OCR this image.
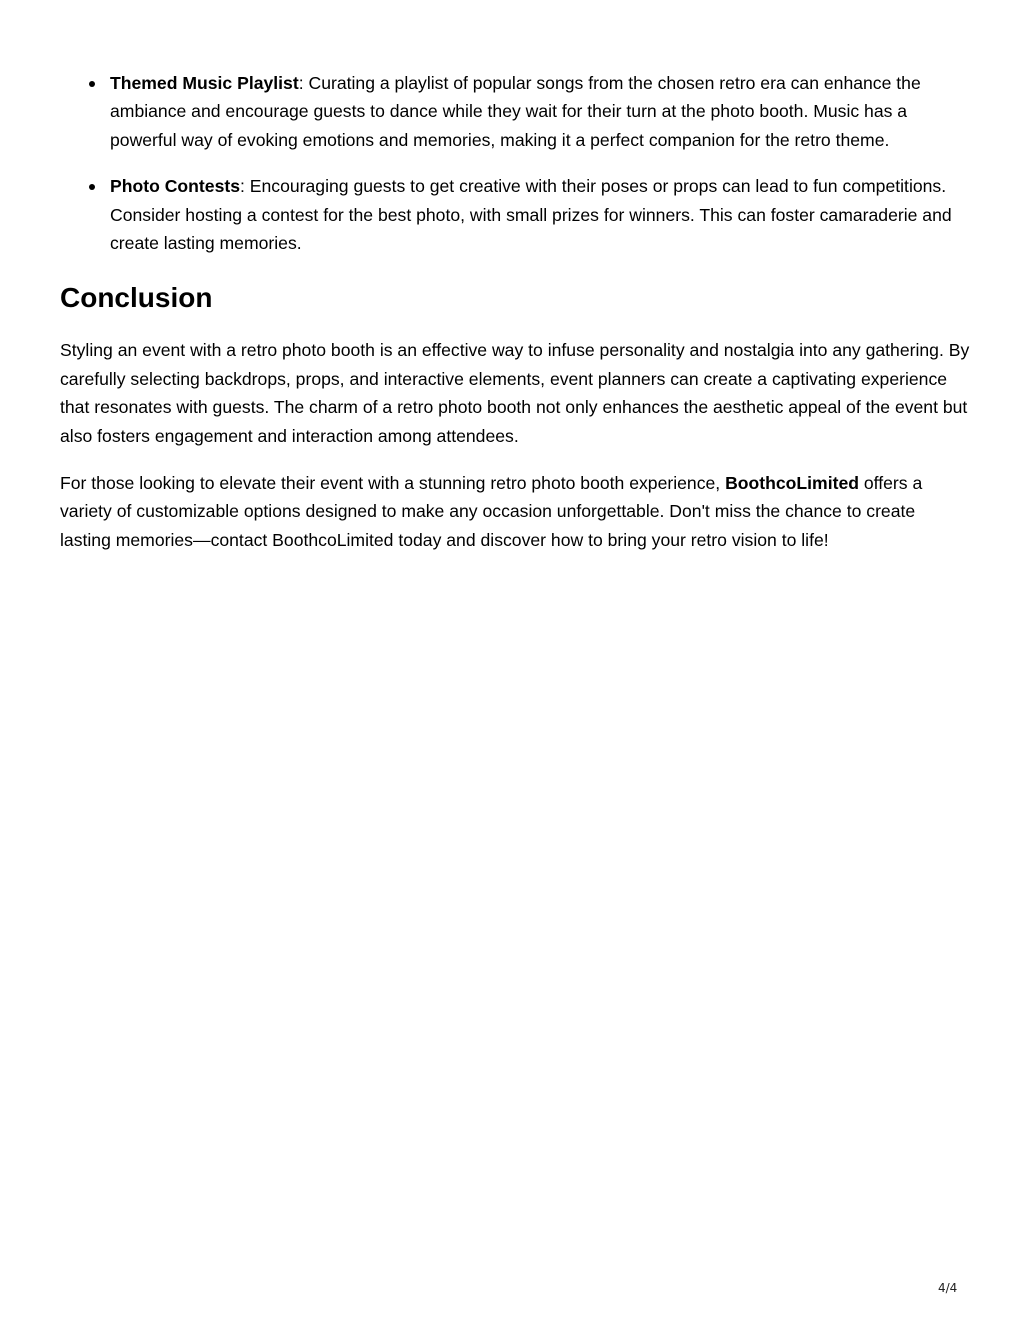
Themed Music Playlist: Curating a playlist of popular songs from the chosen retro era can enhance the ambiance and encourage guests to dance while they wait for their turn at the photo booth. Music has a powerful way of evoking emotions and memories, making it a perfect companion for the retro theme.
Photo Contests: Encouraging guests to get creative with their poses or props can lead to fun competitions. Consider hosting a contest for the best photo, with small prizes for winners. This can foster camaraderie and create lasting memories.
Conclusion

Styling an event with a retro photo booth is an effective way to infuse personality and nostalgia into any gathering. By carefully selecting backdrops, props, and interactive elements, event planners can create a captivating experience that resonates with guests. The charm of a retro photo booth not only enhances the aesthetic appeal of the event but also fosters engagement and interaction among attendees.

For those looking to elevate their event with a stunning retro photo booth experience, BoothcoLimited offers a variety of customizable options designed to make any occasion unforgettable. Don't miss the chance to create lasting memories—contact BoothcoLimited today and discover how to bring your retro vision to life!

4/4
